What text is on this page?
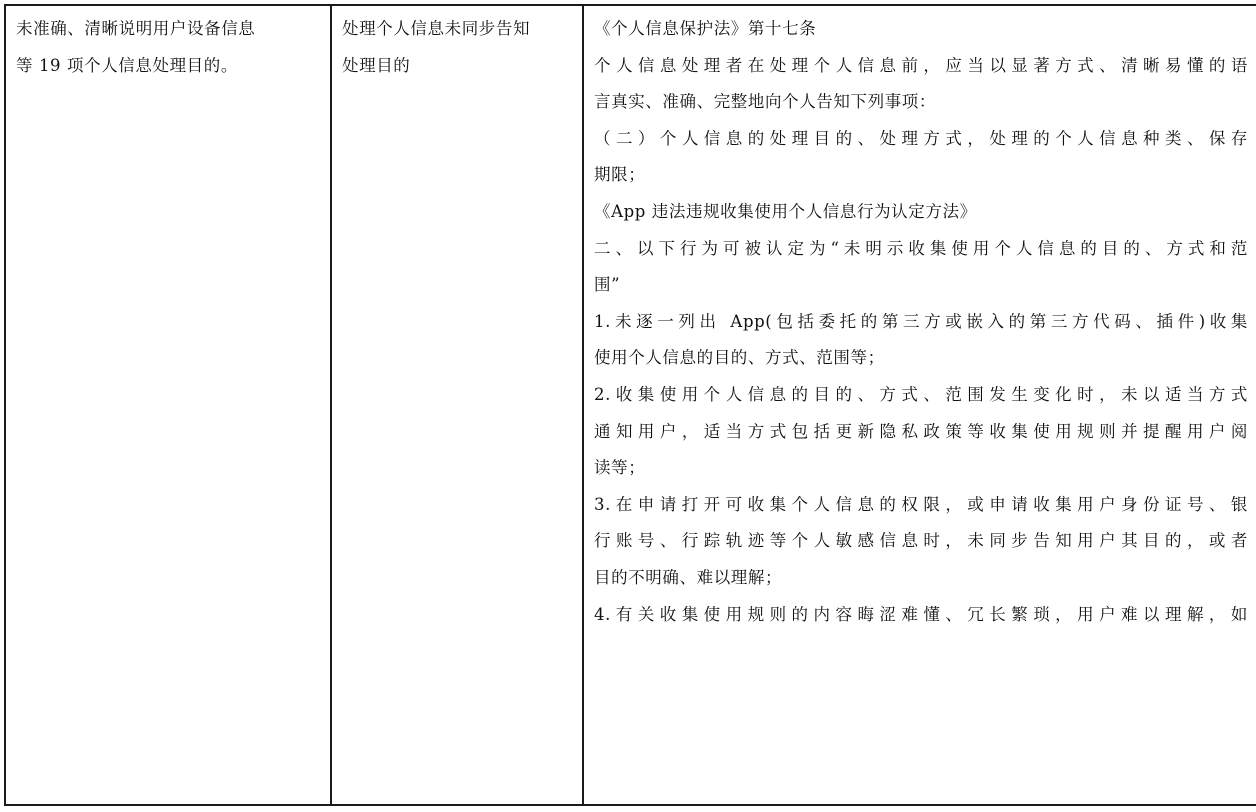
未准确、清晰说明用户设备信息
等 19 项个人信息处理目的。

处理个人信息未同步告知
处理目的

《个人信息保护法》第十七条
个人信息处理者在处理个人信息前，应当以显著方式、清晰易懂的语
言真实、准确、完整地向个人告知下列事项：
（二）个人信息的处理目的、处理方式，处理的个人信息种类、保存
期限；
《App 违法违规收集使用个人信息行为认定方法》
二、以下行为可被认定为“未明示收集使用个人信息的目的、方式和范
围”
1.未逐一列出 App(包括委托的第三方或嵌入的第三方代码、插件)收集
使用个人信息的目的、方式、范围等；
2.收集使用个人信息的目的、方式、范围发生变化时，未以适当方式
通知用户，适当方式包括更新隐私政策等收集使用规则并提醒用户阅
读等；
3.在申请打开可收集个人信息的权限，或申请收集用户身份证号、银
行账号、行踪轨迹等个人敏感信息时，未同步告知用户其目的，或者
目的不明确、难以理解；
4.有关收集使用规则的内容晦涩难懂、冗长繁琐，用户难以理解，如
